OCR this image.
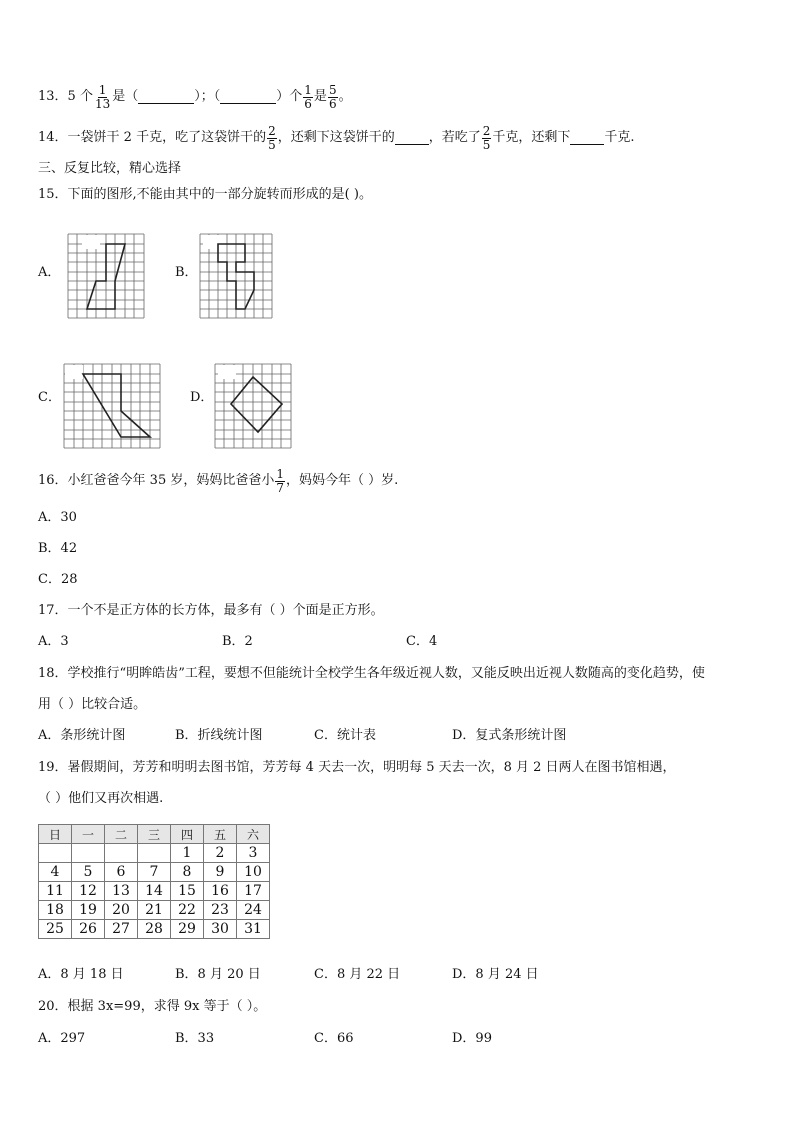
13． 5 个 $\frac{1}{13}$ 是（	）；（	）个 $\frac{1}{6}$ 是 $\frac{5}{6}$ 。
14． 一袋饼干 2 千克，吃了这袋饼干的 $\frac{2}{5}$ ，还剩下这袋饼干的	，若吃了 $\frac{2}{5}$ 千克，还剩下	千克.
三、反复比较，精心选择
15．下面的图形,不能由其中的一部分旋转而形成的是( )。
A．	B．
C．	D．
16．小红爸爸今年 35 岁，妈妈比爸爸小 $\frac{1}{7}$ ，妈妈今年（ ）岁.
A．30
B．42
C．28
17．一个不是正方体的长方体，最多有（ ）个面是正方形。
A．3	B．2	C．4
18．学校推行“明眸皓齿”工程，要想不但能统计全校学生各年级近视人数，又能反映出近视人数随高的变化趋势，使
用（ ）比较合适。
A．条形统计图	B．折线统计图	C．统计表	D．复式条形统计图
19．暑假期间，芳芳和明明去图书馆，芳芳每 4 天去一次，明明每 5 天去一次，8 月 2 日两人在图书馆相遇，
（ ）他们又再次相遇.
日	一	二	三	四	五	六
				1	2	3
4	5	6	7	8	9	10
11	12	13	14	15	16	17
18	19	20	21	22	23	24
25	26	27	28	29	30	31
A．8 月 18 日	B．8 月 20 日	C．8 月 22 日	D．8 月 24 日
20．根据 3x=99，求得 9x 等于（ ）。
A．297	B．33	C．66	D．99
